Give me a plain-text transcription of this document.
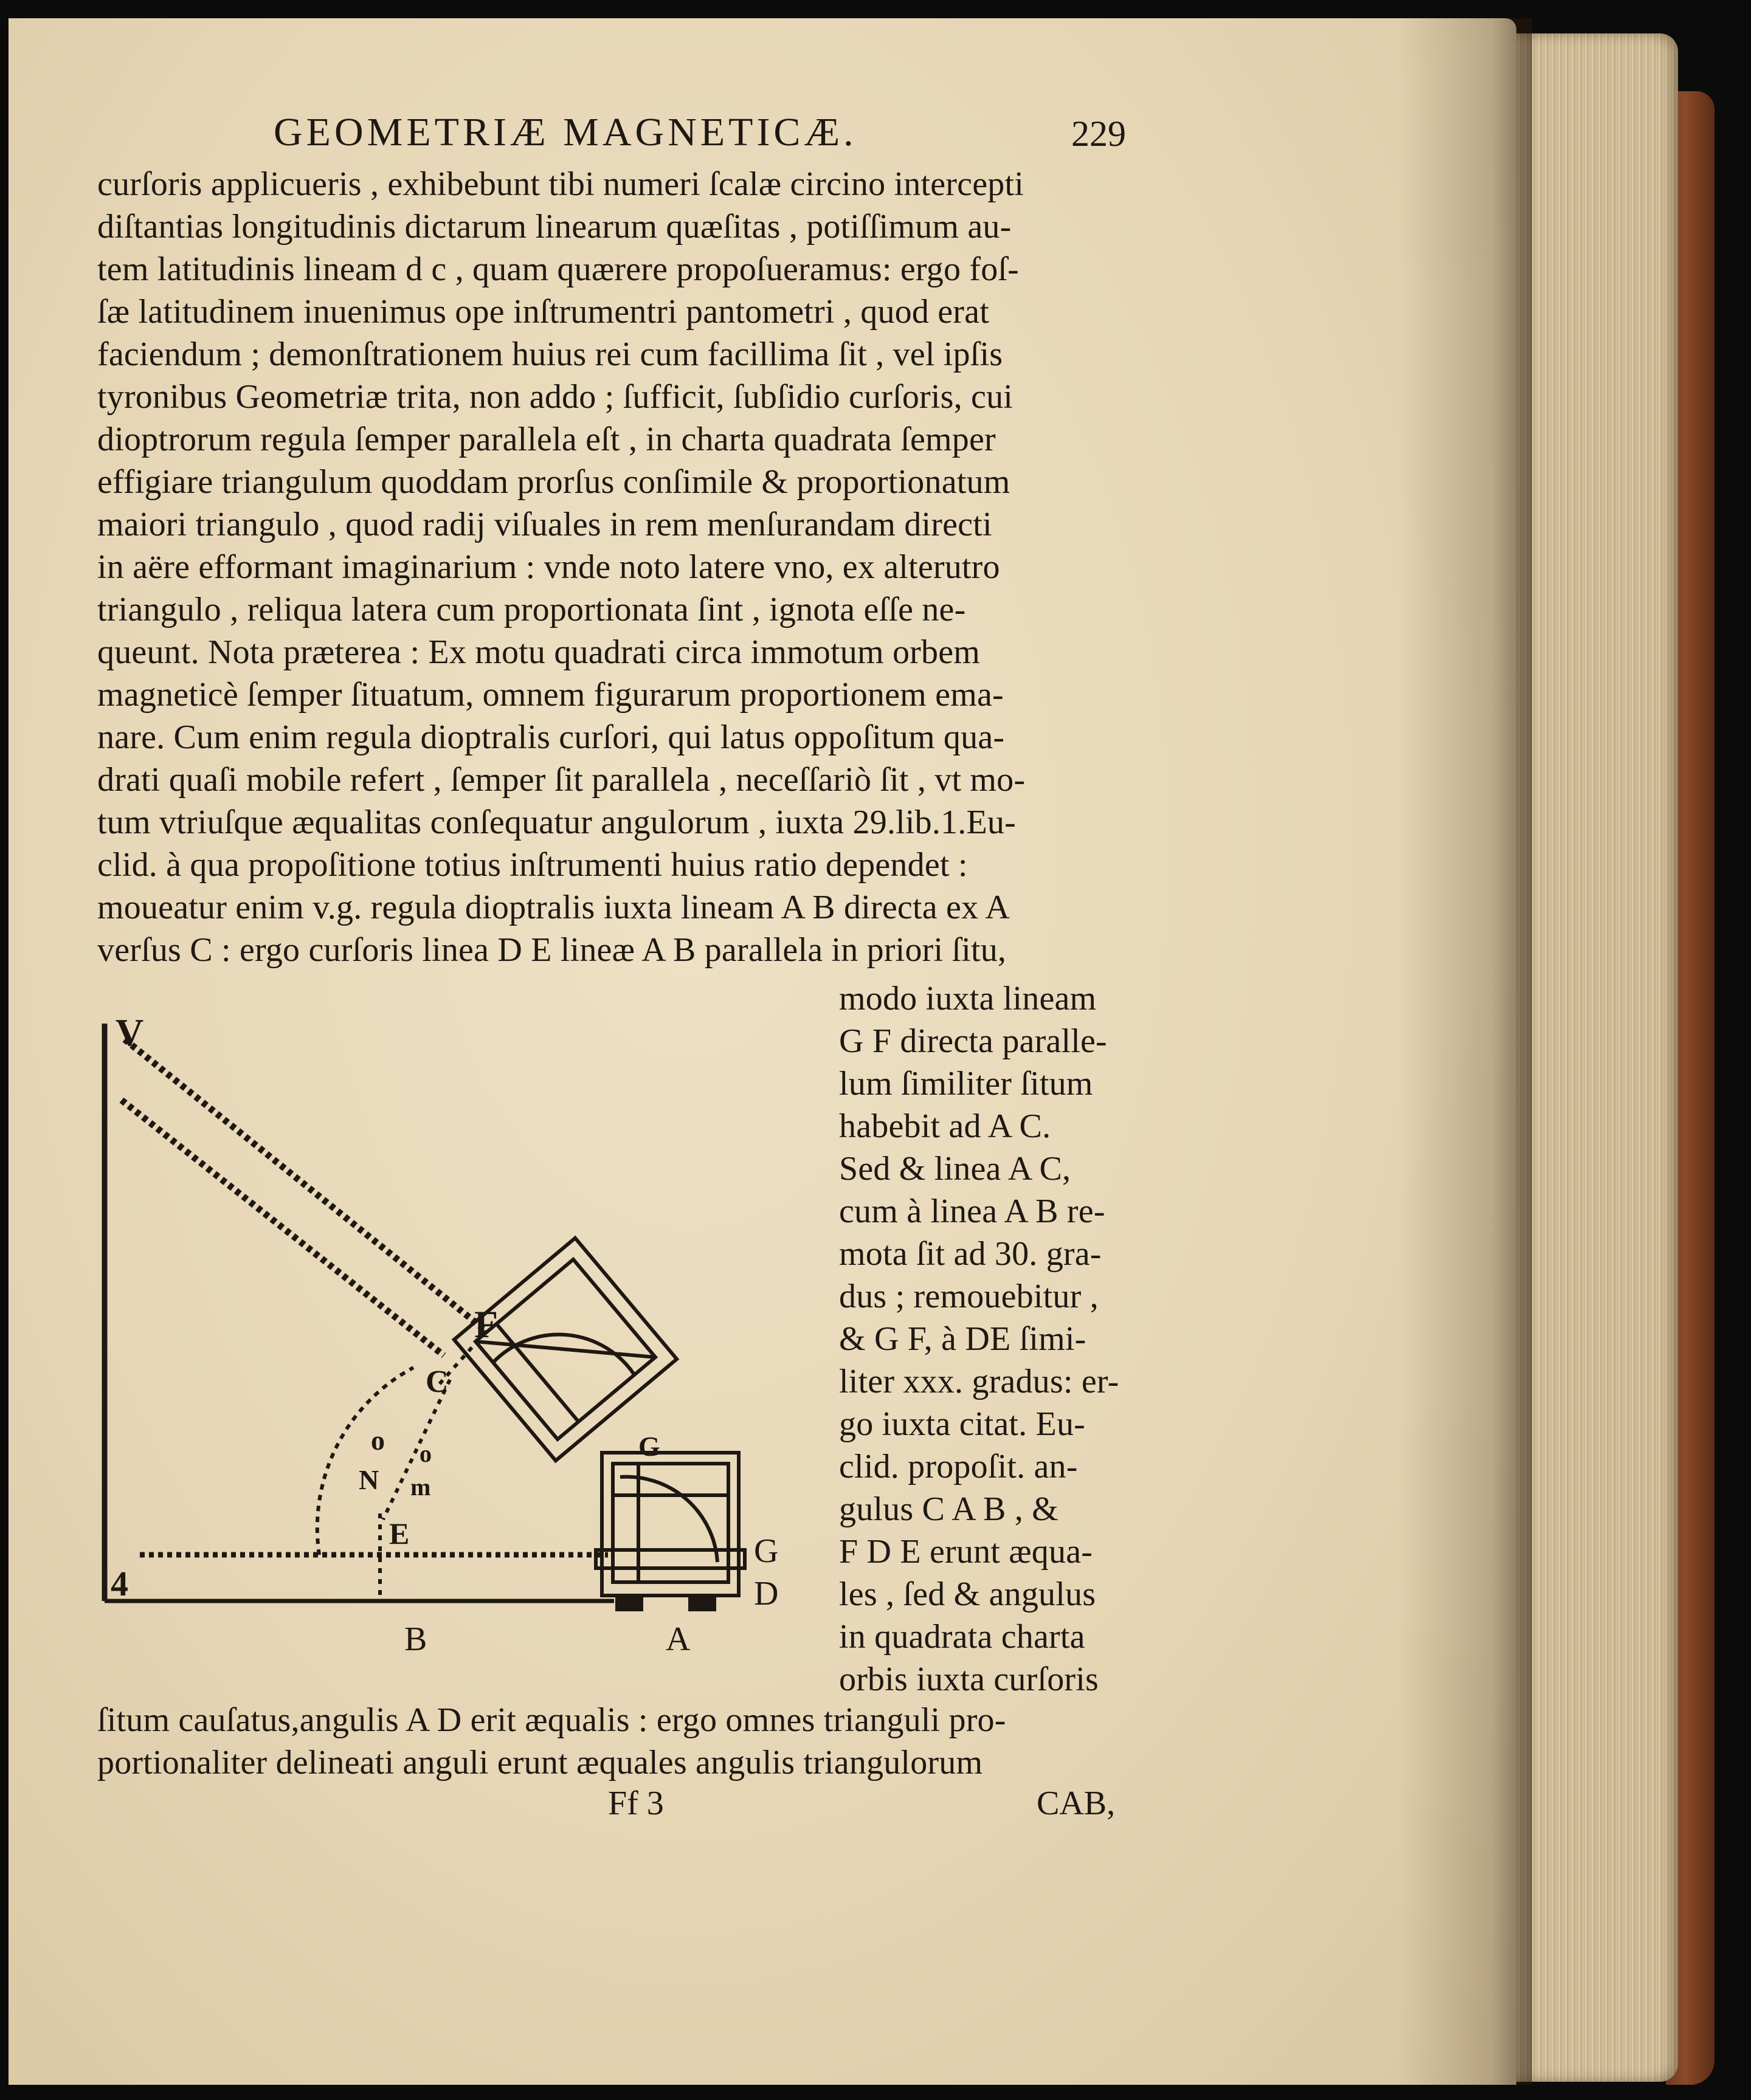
GEOMETRIÆ MAGNETICÆ.	229
curſoris applicueris , exhibebunt tibi numeri ſcalæ circino intercepti
diſtantias longitudinis dictarum linearum quæſitas , potiſſimum au-
tem latitudinis lineam d c , quam quærere propoſueramus: ergo foſ-
ſæ latitudinem inuenimus ope inſtrumentri pantometri , quod erat
faciendum ; demonſtrationem huius rei cum facillima ſit , vel ipſis
tyronibus Geometriæ trita, non addo ; ſufficit, ſubſidio curſoris, cui
dioptrorum regula ſemper parallela eſt , in charta quadrata ſemper
effigiare triangulum quoddam prorſus conſimile & proportionatum
maiori triangulo , quod radij viſuales in rem menſurandam directi
in aëre efformant imaginarium : vnde noto latere vno, ex alterutro
triangulo , reliqua latera cum proportionata ſint , ignota eſſe ne-
queunt. Nota præterea : Ex motu quadrati circa immotum orbem
magneticè ſemper ſituatum, omnem figurarum proportionem ema-
nare. Cum enim regula dioptralis curſori, qui latus oppoſitum qua-
drati quaſi mobile refert , ſemper ſit parallela , neceſſariò ſit , vt mo-
tum vtriuſque æqualitas conſequatur angulorum , iuxta 29.lib.1.Eu-
clid. à qua propoſitione totius inſtrumenti huius ratio dependet :
moueatur enim v.g. regula dioptralis iuxta lineam A B directa ex A
verſus C : ergo curſoris linea D E lineæ A B parallela in priori ſitu,
modo iuxta lineam
G F directa paralle-
lum ſimiliter ſitum
habebit ad A C.
Sed & linea A C,
cum à linea A B re-
mota ſit ad 30. gra-
dus ; remouebitur ,
& G F, à DE ſimi-
liter xxx. gradus: er-
go iuxta citat. Eu-
clid. propoſit. an-
gulus C A B , &
F D E erunt æqua-
les , ſed & angulus
in quadrata charta
orbis iuxta curſoris
ſitum cauſatus,angulis A D erit æqualis : ergo omnes trianguli pro-
portionaliter delineati anguli erunt æquales angulis triangulorum
Ff 3	CAB,
V
F
C
G
E
4
o
N
o
m
G
D
B	A
